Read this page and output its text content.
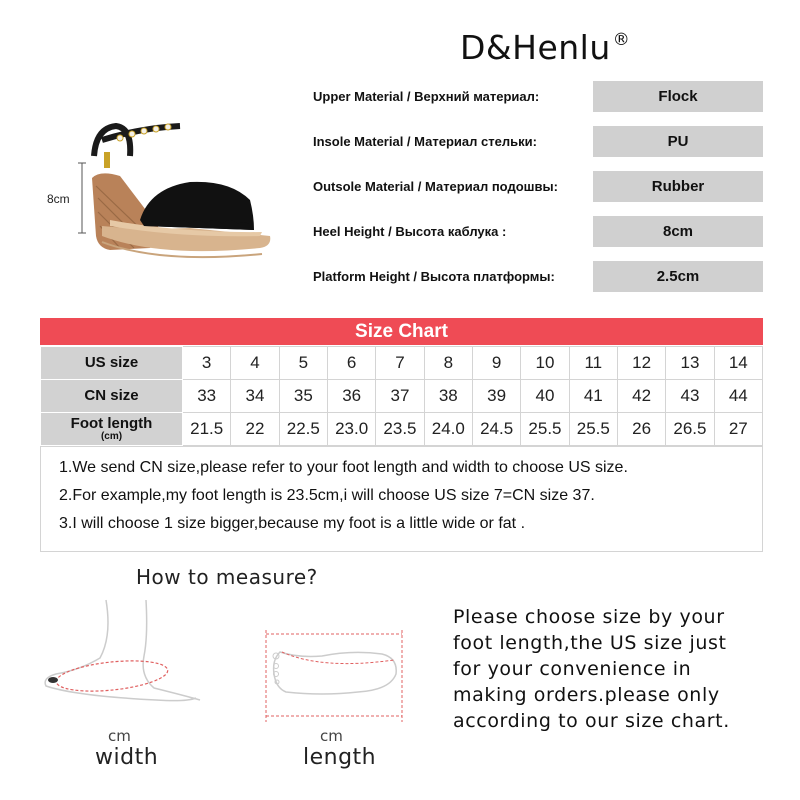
D&Henlu ®
8cm
Upper Material / Верхний материал:	Flock
Insole Material / Материал стельки:	PU
Outsole Material / Материал подошвы:	Rubber
Heel Height / Высота каблука :	8cm
Platform Height / Высота платформы:	2.5cm
Size Chart
US size	3	4	5	6	7	8	9	10	11	12	13	14

CN size	33	34	35	36	37	38	39	40	41	42	43	44

Foot length
(cm)	21.5	22	22.5	23.0	23.5	24.0	24.5	25.5	25.5	26	26.5	27

1.We send CN size,please refer to your foot length and width to choose US size.

2.For example,my foot length is 23.5cm,i will choose US size 7=CN size 37.

3.I will choose 1 size bigger,because my foot is a little wide or fat .

How to measure?
cm
width
cm
length
Please choose size by your
foot length,the US size just
for your convenience in
making orders.please only
according to our size chart.
